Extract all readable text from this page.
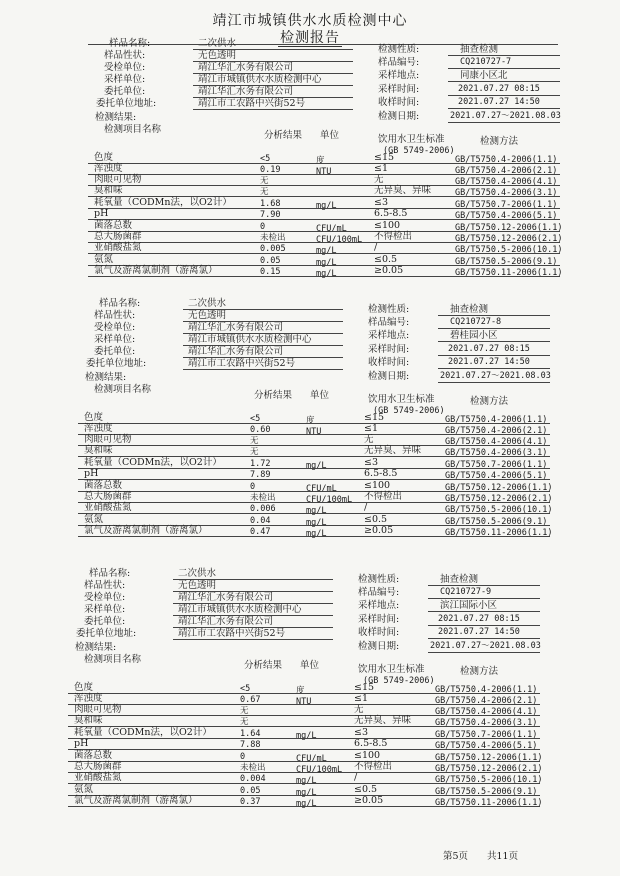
靖江市城镇供水水质检测中心
检测报告
样品名称:	二次供水
样品性状:	无色透明
受检单位:	靖江华汇水务有限公司
采样单位:	靖江市城镇供水水质检测中心
委托单位:	靖江华汇水务有限公司
委托单位地址:	靖江市工农路中兴街52号
检测性质:	抽查检测
样品编号:	CQ210727-7
采样地点:	同康小区北
采样时间:	2021.07.27 08:15
收样时间:	2021.07.27 14:50
检测日期:	2021.07.27～2021.08.03
检测结果:
检测项目名称
分析结果 单位	饮用水卫生标准
(GB 5749-2006)
检测方法
色度	<5	度	≤15	GB/T5750.4-2006(1.1)
浑浊度	0.19	NTU	≤1	GB/T5750.4-2006(2.1)
肉眼可见物	无	无	GB/T5750.4-2006(4.1)
臭和味	无	无异臭、异味	GB/T5750.4-2006(3.1)
耗氧量（CODMn法，以O2计）	1.68	mg/L	≤3	GB/T5750.7-2006(1.1)
pH	7.90	6.5-8.5	GB/T5750.4-2006(5.1)
菌落总数	0	CFU/mL	≤100	GB/T5750.12-2006(1.1)
总大肠菌群	未检出	CFU/100mL 不得检出	GB/T5750.12-2006(2.1)
亚硝酸盐氮	0.005	mg/L	/	GB/T5750.5-2006(10.1)
氨氮	0.05	mg/L	≤0.5	GB/T5750.5-2006(9.1)
氯气及游离氯制剂（游离氯）	0.15	mg/L	≥0.05	GB/T5750.11-2006(1.1)
样品名称:	二次供水
样品性状:	无色透明
受检单位:	靖江华汇水务有限公司
采样单位:	靖江市城镇供水水质检测中心
委托单位:	靖江华汇水务有限公司
委托单位地址:	靖江市工农路中兴街52号
检测性质:	抽查检测
样品编号:	CQ210727-8
采样地点:	碧桂园小区
采样时间:	2021.07.27 08:15
收样时间:	2021.07.27 14:50
检测日期:	2021.07.27～2021.08.03
检测结果:
检测项目名称
分析结果 单位	饮用水卫生标准
(GB 5749-2006)
检测方法
色度	<5	度	≤15	GB/T5750.4-2006(1.1)
浑浊度	0.60	NTU	≤1	GB/T5750.4-2006(2.1)
肉眼可见物	无	无	GB/T5750.4-2006(4.1)
臭和味	无	无异臭、异味	GB/T5750.4-2006(3.1)
耗氧量（CODMn法，以O2计）	1.72	mg/L	≤3	GB/T5750.7-2006(1.1)
pH	7.89	6.5-8.5	GB/T5750.4-2006(5.1)
菌落总数	0	CFU/mL	≤100	GB/T5750.12-2006(1.1)
总大肠菌群	未检出	CFU/100mL 不得检出	GB/T5750.12-2006(2.1)
亚硝酸盐氮	0.006	mg/L	/	GB/T5750.5-2006(10.1)
氨氮	0.04	mg/L	≤0.5	GB/T5750.5-2006(9.1)
氯气及游离氯制剂（游离氯）	0.47	mg/L	≥0.05	GB/T5750.11-2006(1.1)
样品名称:	二次供水
样品性状:	无色透明
受检单位:	靖江华汇水务有限公司
采样单位:	靖江市城镇供水水质检测中心
委托单位:	靖江华汇水务有限公司
委托单位地址:	靖江市工农路中兴街52号
检测性质:	抽查检测
样品编号:	CQ210727-9
采样地点:	滨江国际小区
采样时间:	2021.07.27 08:15
收样时间:	2021.07.27 14:50
检测日期:	2021.07.27～2021.08.03
检测结果:
检测项目名称
分析结果 单位	饮用水卫生标准
(GB 5749-2006)
检测方法
色度	<5	度	≤15	GB/T5750.4-2006(1.1)
浑浊度	0.67	NTU	≤1	GB/T5750.4-2006(2.1)
肉眼可见物	无	无	GB/T5750.4-2006(4.1)
臭和味	无	无异臭、异味	GB/T5750.4-2006(3.1)
耗氧量（CODMn法，以O2计）	1.64	mg/L	≤3	GB/T5750.7-2006(1.1)
pH	7.88	6.5-8.5	GB/T5750.4-2006(5.1)
菌落总数	0	CFU/mL	≤100	GB/T5750.12-2006(1.1)
总大肠菌群	未检出	CFU/100mL 不得检出	GB/T5750.12-2006(2.1)
亚硝酸盐氮	0.004	mg/L	/	GB/T5750.5-2006(10.1)
氨氮	0.05	mg/L	≤0.5	GB/T5750.5-2006(9.1)
氯气及游离氯制剂（游离氯）	0.37	mg/L	≥0.05	GB/T5750.11-2006(1.1)
第5页 共11页
